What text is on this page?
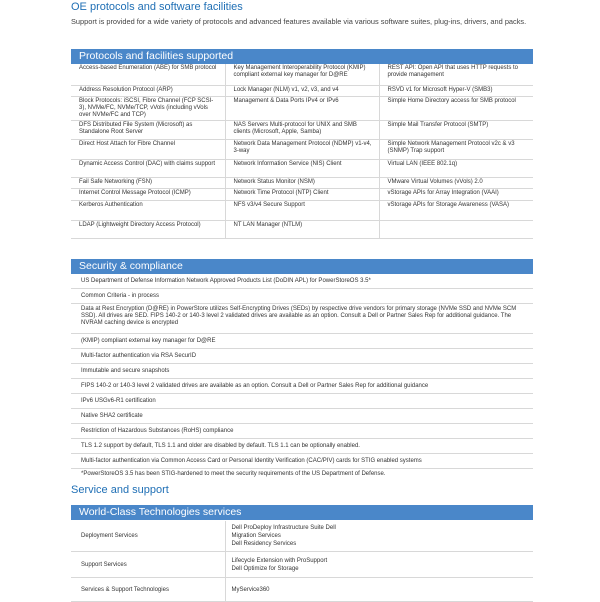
OE protocols and software facilities
Support is provided for a wide variety of protocols and advanced features available via various software suites, plug-ins, drivers, and packs.
Protocols and facilities supported
Access-based Enumeration (ABE) for SMB protocol	Key Management Interoperability Protocol (KMIP) compliant external key manager for D@RE	REST API: Open API that uses HTTP requests to provide management
Address Resolution Protocol (ARP)	Lock Manager (NLM) v1, v2, v3, and v4	RSVD v1 for Microsoft Hyper-V (SMB3)
Block Protocols: iSCSI, Fibre Channel (FCP SCSI-3), NVMe/FC, NVMe/TCP, vVols (including vVols over NVMe/FC and TCP)	Management & Data Ports IPv4 or IPv6	Simple Home Directory access for SMB protocol
DFS Distributed File System (Microsoft) as Standalone Root Server	NAS Servers Multi-protocol for UNIX and SMB clients (Microsoft, Apple, Samba)	Simple Mail Transfer Protocol (SMTP)
Direct Host Attach for Fibre Channel	Network Data Management Protocol (NDMP) v1-v4, 3-way	Simple Network Management Protocol v2c & v3 (SNMP) Trap support
Dynamic Access Control (DAC) with claims support	Network Information Service (NIS) Client	Virtual LAN (IEEE 802.1q)
Fail Safe Networking (FSN)	Network Status Monitor (NSM)	VMware Virtual Volumes (vVols) 2.0
Internet Control Message Protocol (ICMP)	Network Time Protocol (NTP) Client	vStorage APIs for Array Integration (VAAI)
Kerberos Authentication	NFS v3/v4 Secure Support	vStorage APIs for Storage Awareness (VASA)
LDAP (Lightweight Directory Access Protocol)	NT LAN Manager (NTLM)	
Security & compliance
US Department of Defense Information Network Approved Products List (DoDIN APL) for PowerStoreOS 3.5*
Common Criteria - in process
Data at Rest Encryption (D@RE) in PowerStore utilizes Self-Encrypting Drives (SEDs) by respective drive vendors for primary storage (NVMe SSD and NVMe SCM SSD). All drives are SED. FIPS 140-2 or 140-3 level 2 validated drives are available as an option. Consult a Dell or Partner Sales Rep for additional guidance. The NVRAM caching device is encrypted
(KMIP) compliant external key manager for D@RE
Multi-factor authentication via RSA SecurID
Immutable and secure snapshots
FIPS 140-2 or 140-3 level 2 validated drives are available as an option. Consult a Dell or Partner Sales Rep for additional guidance
IPv6 USGv6-R1 certification
Native SHA2 certificate
Restriction of Hazardous Substances (RoHS) compliance
TLS 1.2 support by default, TLS 1.1 and older are disabled by default. TLS 1.1 can be optionally enabled.
Multi-factor authentication via Common Access Card or Personal Identity Verification (CAC/PIV) cards for STIG enabled systems
*PowerStoreOS 3.5 has been STIG-hardened to meet the security requirements of the US Department of Defense.
Service and support
World-Class Technologies services
Deployment Services	Dell ProDeploy Infrastructure Suite Dell
Migration Services
Dell Residency Services

Support Services	Lifecycle Extension with ProSupport
Dell Optimize for Storage

Services & Support Technologies	MyService360
